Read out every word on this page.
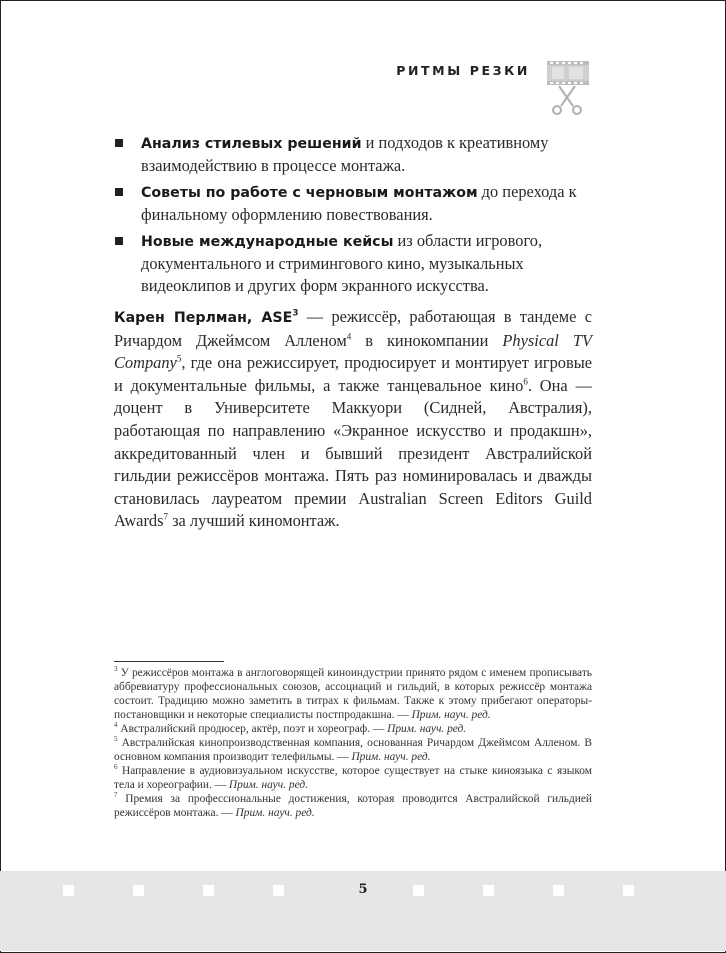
РИТМЫ РЕЗКИ
Анализ стилевых решений и подходов к креативному взаимодействию в процессе монтажа.
Советы по работе с черновым монтажом до перехода к финальному оформлению повествования.
Новые международные кейсы из области игрового, документального и стримингового кино, музыкальных видеоклипов и других форм экранного искусства.

Карен Перлман, ASE$^3$ — режиссёр, работающая в тандеме с Ричардом Джеймсом Алленом$^4$ в кинокомпании Physical TV Company$^5$, где она режиссирует, продюсирует и монтирует игровые и документальные фильмы, а также танцевальное кино$^6$. Она — доцент в Университете Маккуори (Сидней, Австралия), работающая по направлению «Экранное искусство и продакшн», аккредитованный член и бывший президент Австралийской гильдии режиссёров монтажа. Пять раз номинировалась и дважды становилась лауреатом премии Australian Screen Editors Guild Awards$^7$ за лучший киномонтаж.

$^3$ У режиссёров монтажа в англоговорящей киноиндустрии принято рядом с именем прописывать аббревиатуру профессиональных союзов, ассоциаций и гильдий, в которых режиссёр монтажа состоит. Традицию можно заметить в титрах к фильмам. Также к этому прибегают операторы-постановщики и некоторые специалисты постпродакшна. — Прим. науч. ред.

$^4$ Австралийский продюсер, актёр, поэт и хореограф. — Прим. науч. ред.

$^5$ Австралийская кинопроизводственная компания, основанная Ричардом Джеймсом Алленом. В основном компания производит телефильмы. — Прим. науч. ред.

$^6$ Направление в аудиовизуальном искусстве, которое существует на стыке киноязыка с языком тела и хореографии. — Прим. науч. ред.

$^7$ Премия за профессиональные достижения, которая проводится Австралийской гильдией режиссёров монтажа. — Прим. науч. ред.

5
